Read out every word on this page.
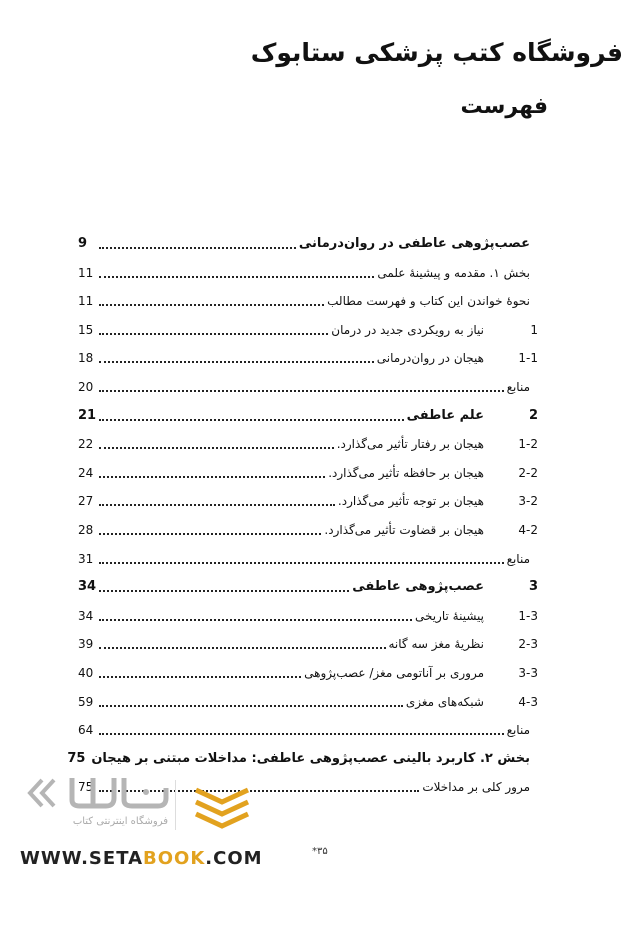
فروشگاه کتب پزشکی ستابوک
فهرست
عصب‌پژوهی عاطفی در روان‌درمانی
9
بخش ۱. مقدمه و پیشینهٔ علمی
11
نحوهٔ خواندن این کتاب و فهرست مطالب
11
1
نیاز به رویکردی جدید در درمان
15
1-1
هیجان در روان‌درمانی
18
منابع
20
2
علم عاطفی
21
1-2
هیجان بر رفتار تأثیر می‌گذارد.
22
2-2
هیجان بر حافظه تأثیر می‌گذارد.
24
3-2
هیجان بر توجه تأثیر می‌گذارد.
27
4-2
هیجان بر قضاوت تأثیر می‌گذارد.
28
منابع
31
3
عصب‌پژوهی عاطفی
34
1-3
پیشینهٔ تاریخی
34
2-3
نظریهٔ مغز سه گانه
39
3-3
مروری بر آناتومی مغز/ عصب‌پژوهی
40
4-3
شبکه‌های مغزی
59
منابع
64
بخش ۲. کاربرد بالینی عصب‌پژوهی عاطفی: مداخلات مبتنی بر هیجان
75
مرور کلی بر مداخلات
75
فروشگاه اینترنتی کتاب
WWW.SETABOOK.COM	*۳۵
